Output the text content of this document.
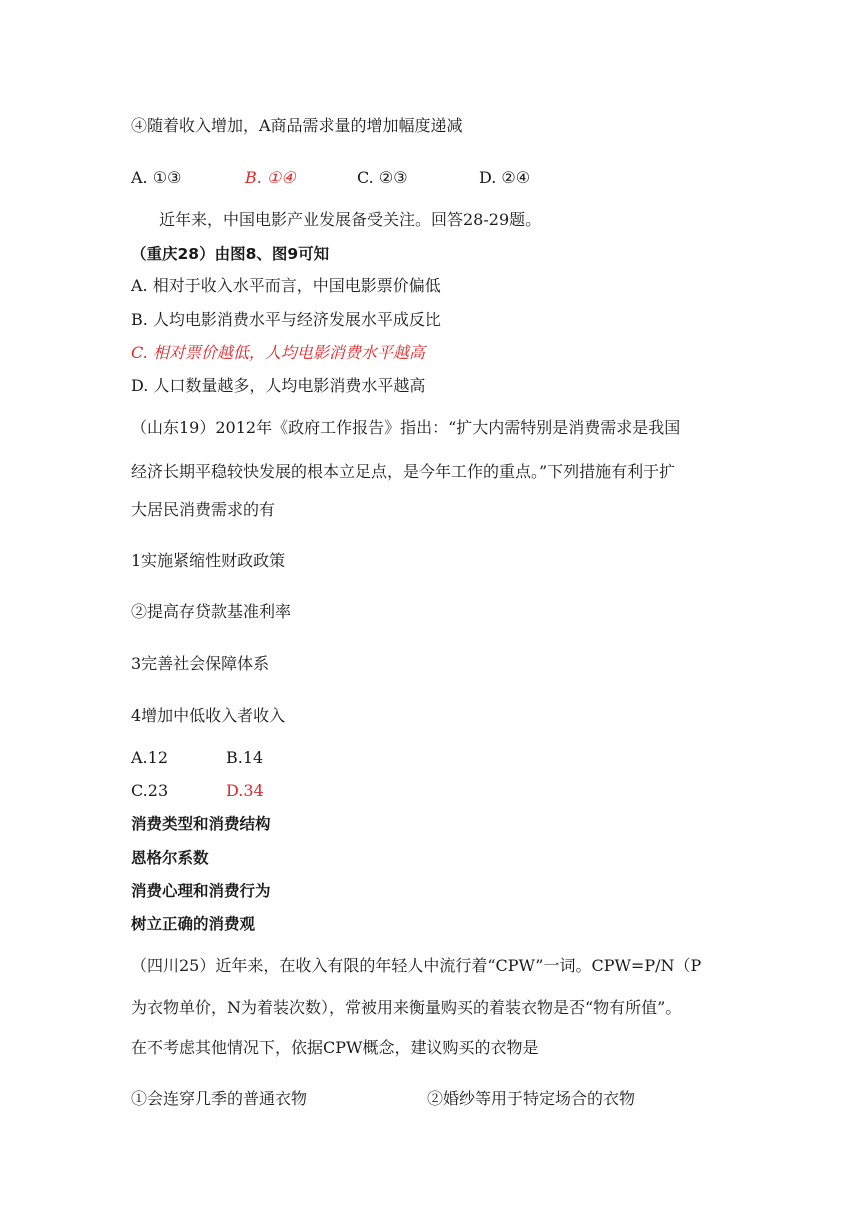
④随着收入增加，A商品需求量的增加幅度递减
A. ①③	B. ①④	C. ②③	D. ②④
近年来，中国电影产业发展备受关注。回答28-29题。
（重庆28）由图8、图9可知
A. 相对于收入水平而言，中国电影票价偏低
B. 人均电影消费水平与经济发展水平成反比
C. 相对票价越低，人均电影消费水平越高
D. 人口数量越多，人均电影消费水平越高
（山东19）2012年《政府工作报告》指出：“扩大内需特别是消费需求是我国
经济长期平稳较快发展的根本立足点，是今年工作的重点。”下列措施有利于扩
大居民消费需求的有
1实施紧缩性财政政策
②提高存贷款基准利率
3完善社会保障体系
4增加中低收入者收入
A.12	B.14
C.23	D.34
消费类型和消费结构
恩格尔系数
消费心理和消费行为
树立正确的消费观
（四川25）近年来，在收入有限的年轻人中流行着“CPW”一词。CPW=P/N（P
为衣物单价，N为着装次数），常被用来衡量购买的着装衣物是否“物有所值”。
在不考虑其他情况下，依据CPW概念，建议购买的衣物是
①会连穿几季的普通衣物	②婚纱等用于特定场合的衣物
